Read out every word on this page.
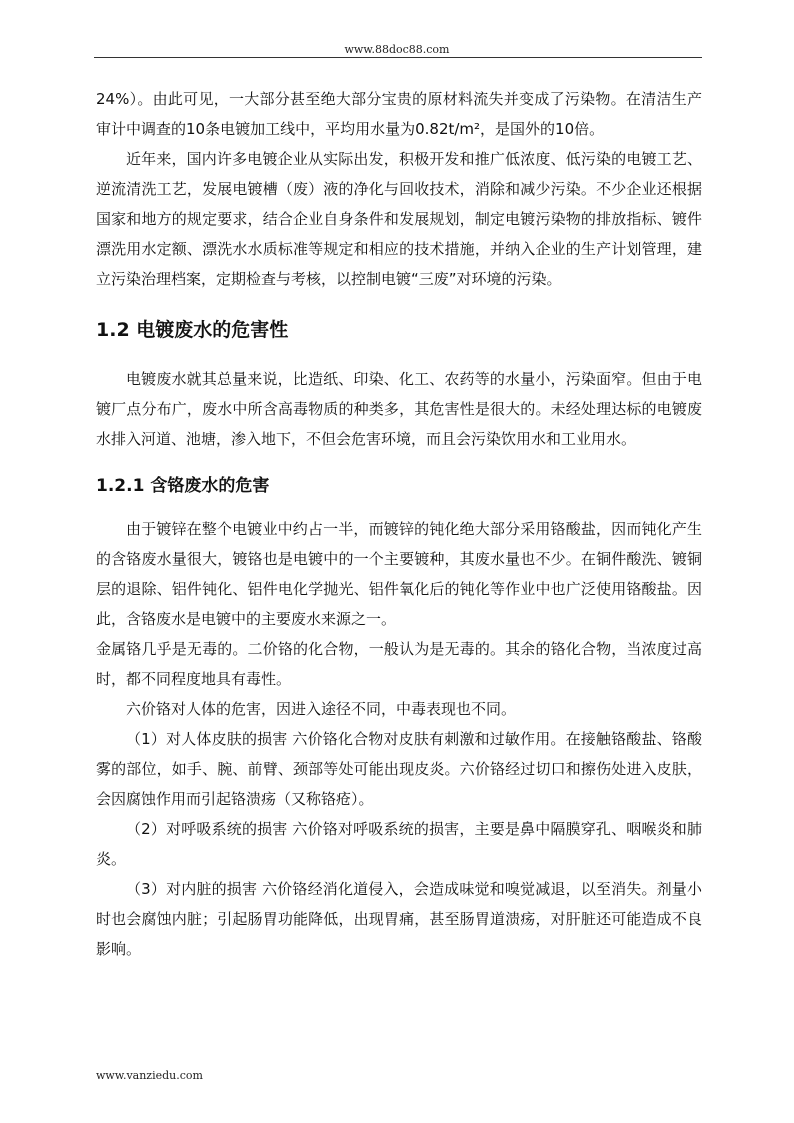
www.88doc88.com

24%）。由此可见，一大部分甚至绝大部分宝贵的原材料流失并变成了污染物。在清洁生产审计中调查的10条电镀加工线中，平均用水量为0.82t/m²，是国外的10倍。

近年来，国内许多电镀企业从实际出发，积极开发和推广低浓度、低污染的电镀工艺、逆流清洗工艺，发展电镀槽（废）液的净化与回收技术，消除和减少污染。不少企业还根据国家和地方的规定要求，结合企业自身条件和发展规划，制定电镀污染物的排放指标、镀件漂洗用水定额、漂洗水水质标准等规定和相应的技术措施，并纳入企业的生产计划管理，建立污染治理档案，定期检查与考核，以控制电镀“三废”对环境的污染。

1.2 电镀废水的危害性

电镀废水就其总量来说，比造纸、印染、化工、农药等的水量小，污染面窄。但由于电镀厂点分布广，废水中所含高毒物质的种类多，其危害性是很大的。未经处理达标的电镀废水排入河道、池塘，渗入地下，不但会危害环境，而且会污染饮用水和工业用水。

1.2.1 含铬废水的危害

由于镀锌在整个电镀业中约占一半，而镀锌的钝化绝大部分采用铬酸盐，因而钝化产生的含铬废水量很大，镀铬也是电镀中的一个主要镀种，其废水量也不少。在铜件酸洗、镀铜层的退除、铝件钝化、铝件电化学抛光、铝件氧化后的钝化等作业中也广泛使用铬酸盐。因此，含铬废水是电镀中的主要废水来源之一。

金属铬几乎是无毒的。二价铬的化合物，一般认为是无毒的。其余的铬化合物，当浓度过高时，都不同程度地具有毒性。

六价铬对人体的危害，因进入途径不同，中毒表现也不同。

（1）对人体皮肤的损害 六价铬化合物对皮肤有刺激和过敏作用。在接触铬酸盐、铬酸雾的部位，如手、腕、前臂、颈部等处可能出现皮炎。六价铬经过切口和擦伤处进入皮肤，会因腐蚀作用而引起铬溃疡（又称铬疮）。

（2）对呼吸系统的损害 六价铬对呼吸系统的损害，主要是鼻中隔膜穿孔、咽喉炎和肺炎。

（3）对内脏的损害 六价铬经消化道侵入，会造成味觉和嗅觉减退，以至消失。剂量小时也会腐蚀内脏；引起肠胃功能降低，出现胃痛，甚至肠胃道溃疡，对肝脏还可能造成不良影响。

www.vanziedu.com
